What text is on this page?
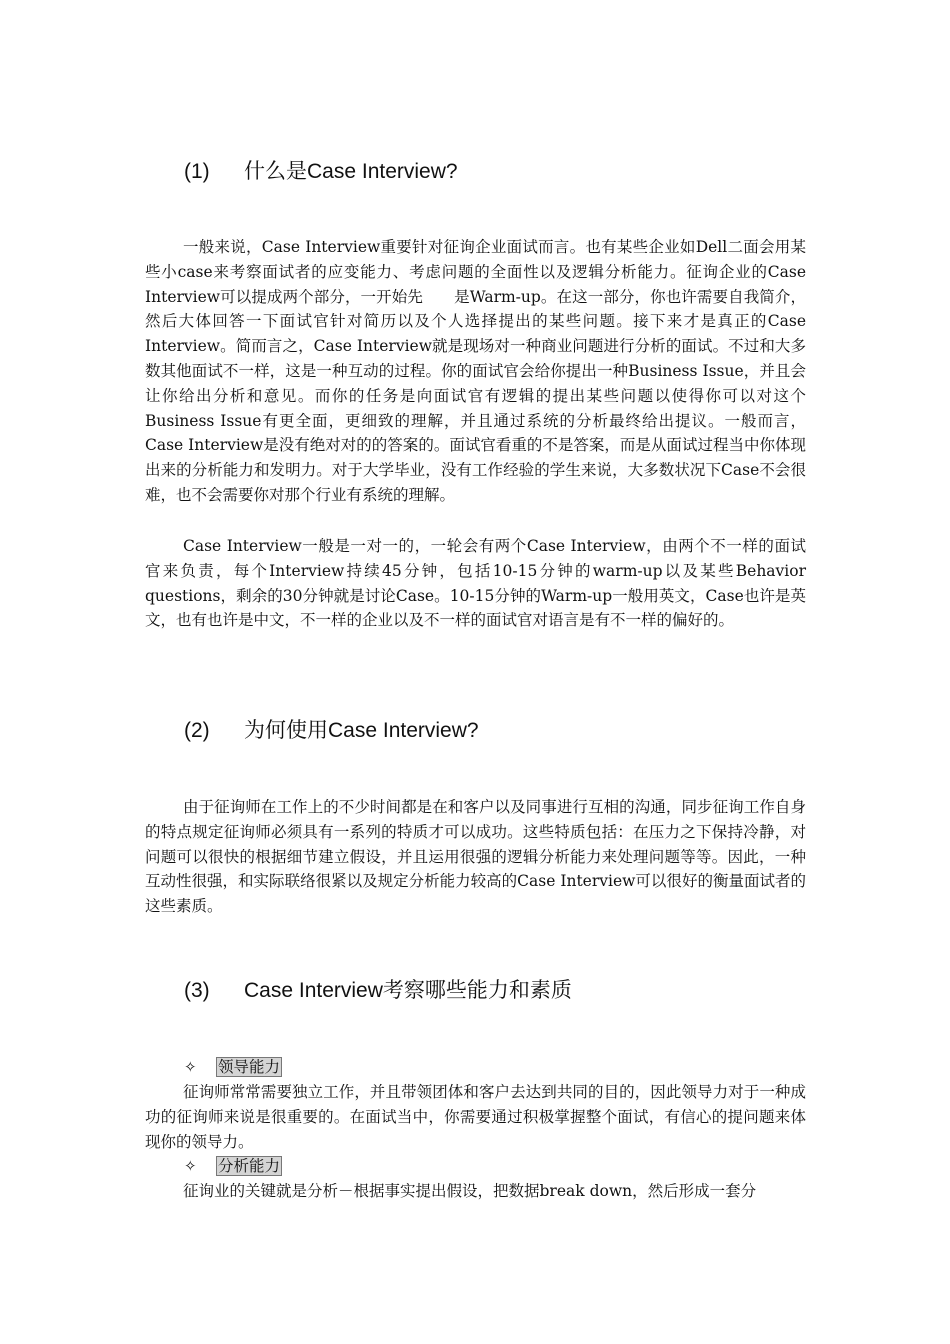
(1) 什么是Case Interview?

一般来说，Case Interview重要针对征询企业面试而言。也有某些企业如Dell二面会用某些小case来考察面试者的应变能力、考虑问题的全面性以及逻辑分析能力。征询企业的Case Interview可以提成两个部分，一开始先　　是Warm-up。在这一部分，你也许需要自我简介，然后大体回答一下面试官针对简历以及个人选择提出的某些问题。接下来才是真正的Case Interview。简而言之，Case Interview就是现场对一种商业问题进行分析的面试。不过和大多数其他面试不一样，这是一种互动的过程。你的面试官会给你提出一种Business Issue，并且会让你给出分析和意见。而你的任务是向面试官有逻辑的提出某些问题以使得你可以对这个Business Issue有更全面，更细致的理解，并且通过系统的分析最终给出提议。一般而言，Case Interview是没有绝对对的的答案的。面试官看重的不是答案，而是从面试过程当中你体现出来的分析能力和发明力。对于大学毕业，没有工作经验的学生来说，大多数状况下Case不会很难，也不会需要你对那个行业有系统的理解。

Case Interview一般是一对一的，一轮会有两个Case Interview，由两个不一样的面试官来负责，每个Interview持续45分钟，包括10-15分钟的warm-up以及某些Behavior questions，剩余的30分钟就是讨论Case。10-15分钟的Warm-up一般用英文，Case也许是英文，也有也许是中文，不一样的企业以及不一样的面试官对语言是有不一样的偏好的。

(2) 为何使用Case Interview?

由于征询师在工作上的不少时间都是在和客户以及同事进行互相的沟通，同步征询工作自身的特点规定征询师必须具有一系列的特质才可以成功。这些特质包括：在压力之下保持冷静，对问题可以很快的根据细节建立假设，并且运用很强的逻辑分析能力来处理问题等等。因此，一种互动性很强，和实际联络很紧以及规定分析能力较高的Case Interview可以很好的衡量面试者的这些素质。

(3) Case Interview考察哪些能力和素质
✧ 领导能力

征询师常常需要独立工作，并且带领团体和客户去达到共同的目的，因此领导力对于一种成功的征询师来说是很重要的。在面试当中，你需要通过积极掌握整个面试，有信心的提问题来体现你的领导力。

✧ 分析能力

征询业的关键就是分析－根据事实提出假设，把数据break down，然后形成一套分
